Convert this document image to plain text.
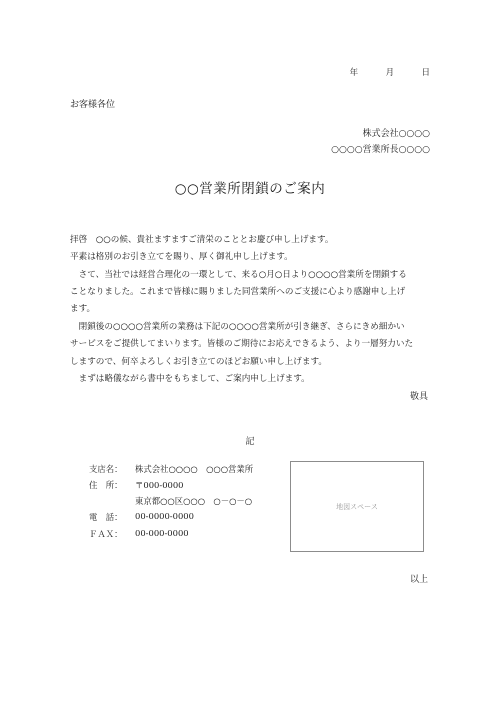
年	月	日
お客様各位
株式会社○○○○
○○○○営業所長○○○○
○○営業所閉鎖のご案内
拝啓　○○の候、貴社ますますご清栄のこととお慶び申し上げます。
平素は格別のお引き立てを賜り、厚く御礼申し上げます。
　さて、当社では経営合理化の一環として、来る○月○日より○○○○営業所を閉鎖する
ことなりました。これまで皆様に賜りました同営業所へのご支援に心より感謝申し上げ
ます。
　閉鎖後の○○○○営業所の業務は下記の○○○○営業所が引き継ぎ、さらにきめ細かい
サービスをご提供してまいります。皆様のご期待にお応えできるよう、より一層努力いた
しますので、何卒よろしくお引き立てのほどお願い申し上げます。
　まずは略儀ながら書中をもちまして、ご案内申し上げます。
敬具
記
支店名： 株式会社○○○○　○○○営業所
住　所： 〒000-0000
東京都○○区○○○　○－○－○
電　話： 00-0000-0000
ＦＡＸ： 00-000-0000
地図スペース
以上
